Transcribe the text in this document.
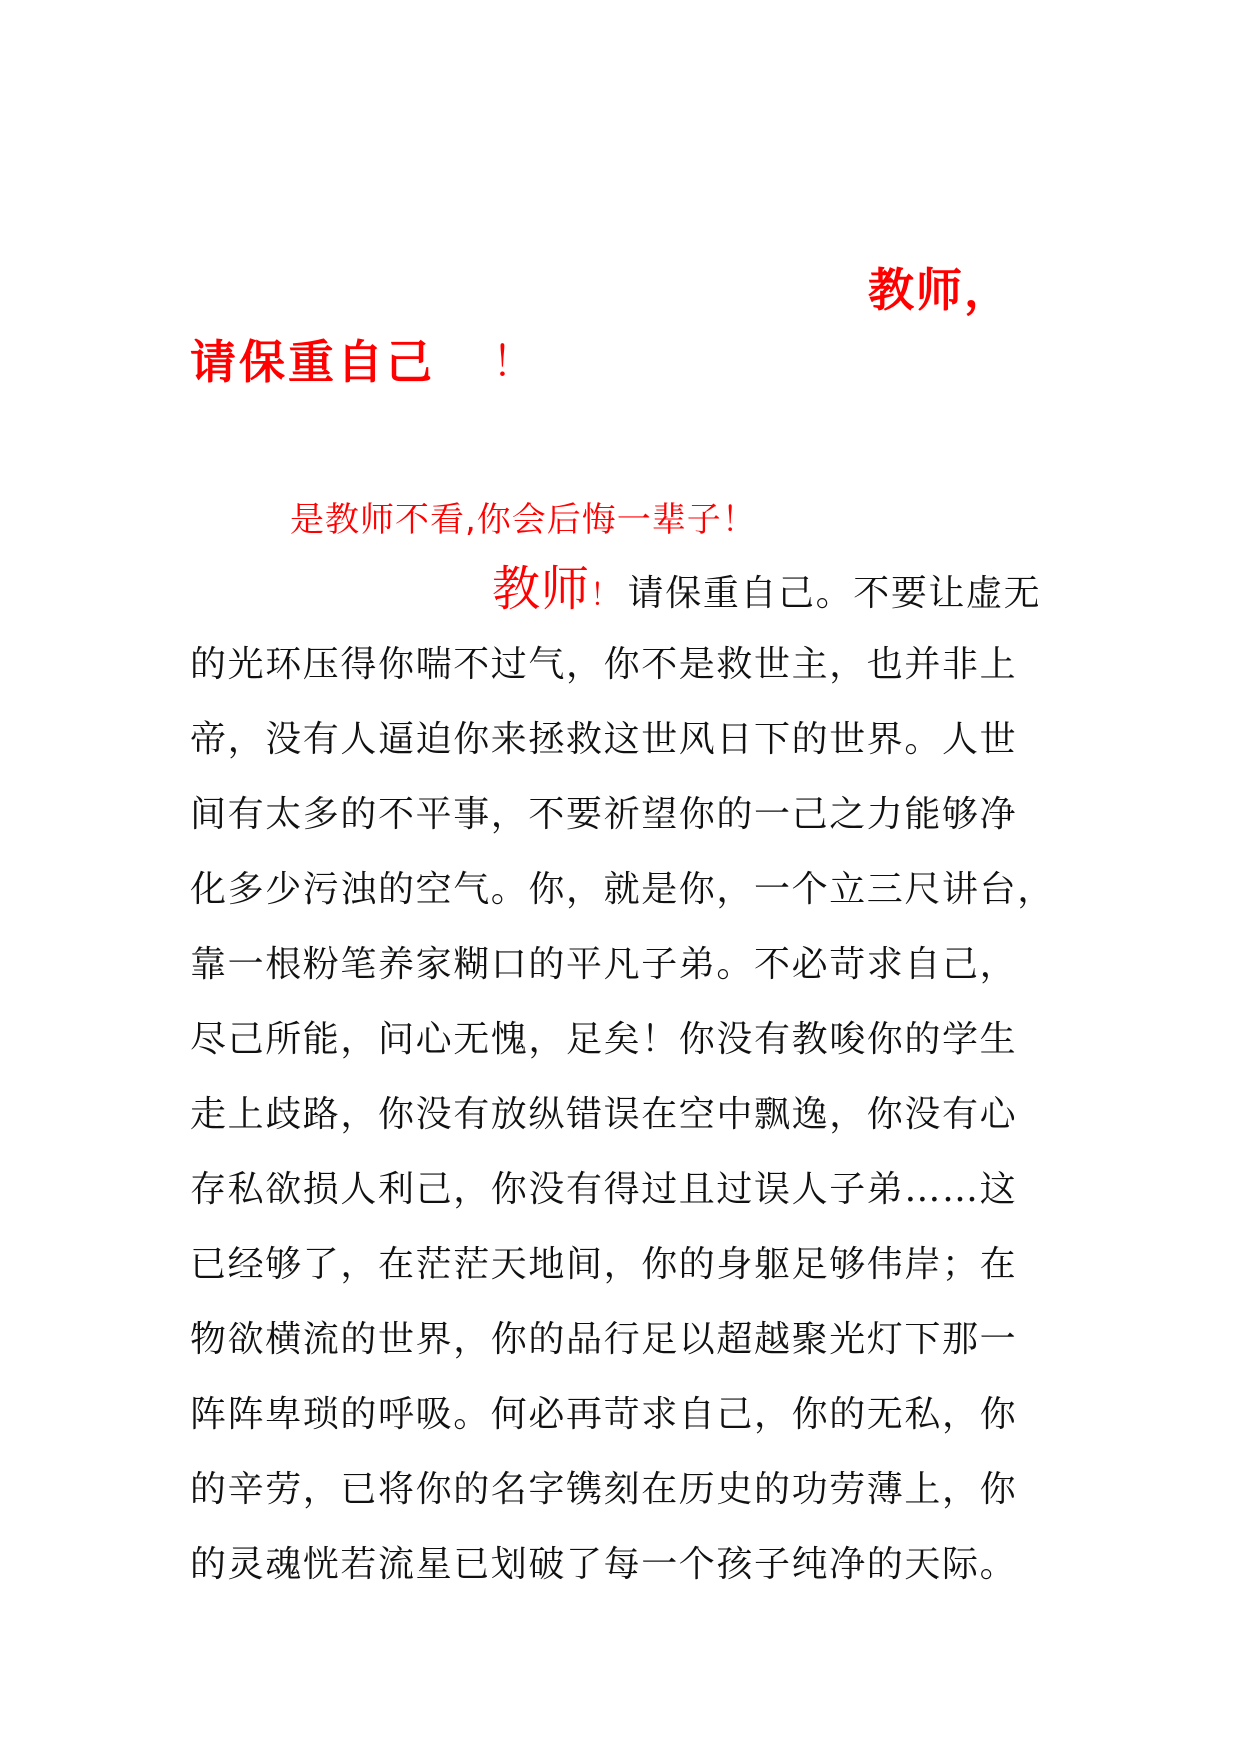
教师，
请保重自己 ！
是教师不看,你会后悔一辈子！
教师！ 请保重自己。不要让虚无
的光环压得你喘不过气，你不是救世主，也并非上
帝，没有人逼迫你来拯救这世风日下的世界。人世
间有太多的不平事，不要祈望你的一己之力能够净
化多少污浊的空气。你，就是你，一个立三尺讲台，
靠一根粉笔养家糊口的平凡子弟。不必苛求自己，
尽己所能，问心无愧，足矣！你没有教唆你的学生
走上歧路，你没有放纵错误在空中飘逸，你没有心
存私欲损人利己，你没有得过且过误人子弟……这
已经够了，在茫茫天地间，你的身躯足够伟岸；在
物欲横流的世界，你的品行足以超越聚光灯下那一
阵阵卑琐的呼吸。何必再苛求自己，你的无私，你
的辛劳，已将你的名字镌刻在历史的功劳薄上，你
的灵魂恍若流星已划破了每一个孩子纯净的天际。
